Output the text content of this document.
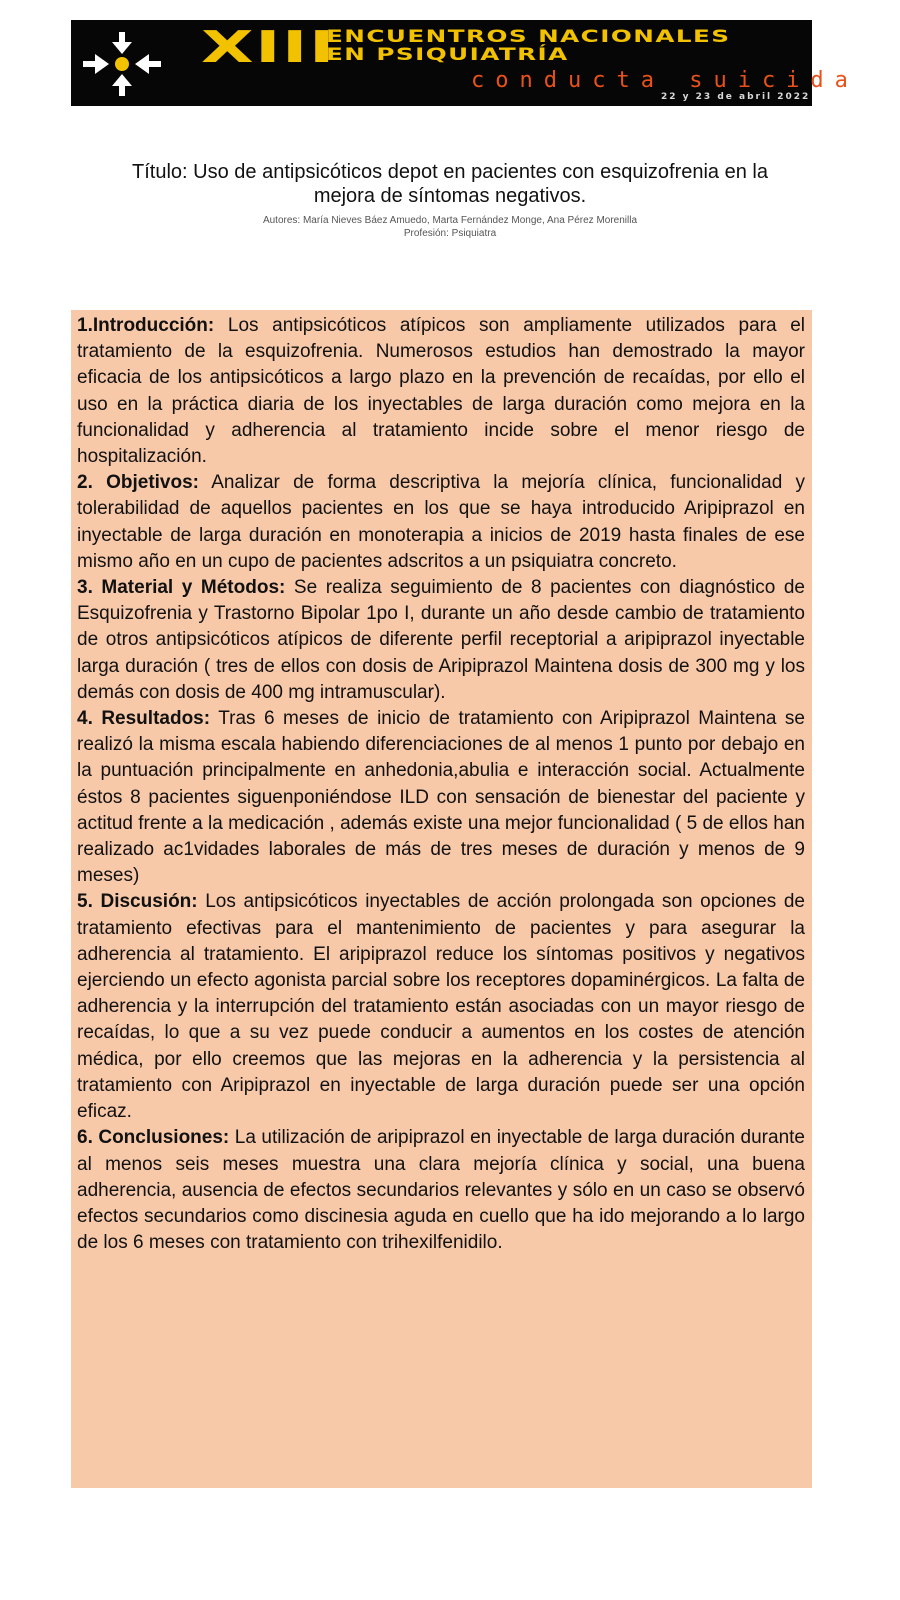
XIII
ENCUENTROS NACIONALES
EN PSIQUIATRÍA
conducta suicida
22 y 23 de abril 2022
Título: Uso de antipsicóticos depot en pacientes con esquizofrenia en la mejora de síntomas negativos.
Autores: María Nieves Báez Amuedo, Marta Fernández Monge, Ana Pérez Morenilla
Profesión: Psiquiatra

1.Introducción: Los antipsicóticos atípicos son ampliamente utilizados para el tratamiento de la esquizofrenia. Numerosos estudios han demostrado la mayor eficacia de los antipsicóticos a largo plazo en la prevención de recaídas, por ello el uso en la práctica diaria de los inyectables de larga duración como mejora en la funcionalidad y adherencia al tratamiento incide sobre el menor riesgo de hospitalización.

2. Objetivos: Analizar de forma descriptiva la mejoría clínica, funcionalidad y tolerabilidad de aquellos pacientes en los que se haya introducido Aripiprazol en inyectable de larga duración en monoterapia a inicios de 2019 hasta finales de ese mismo año en un cupo de pacientes adscritos a un psiquiatra concreto.

3. Material y Métodos: Se realiza seguimiento de 8 pacientes con diagnóstico de Esquizofrenia y Trastorno Bipolar 1po I, durante un año desde cambio de tratamiento de otros antipsicóticos atípicos de diferente perfil receptorial a aripiprazol inyectable larga duración ( tres de ellos con dosis de Aripiprazol Maintena dosis de 300 mg y los demás con dosis de 400 mg intramuscular).

4. Resultados: Tras 6 meses de inicio de tratamiento con Aripiprazol Maintena se realizó la misma escala habiendo diferenciaciones de al menos 1 punto por debajo en la puntuación principalmente en anhedonia,abulia e interacción social. Actualmente éstos 8 pacientes siguenponiéndose ILD con sensación de bienestar del paciente y actitud frente a la medicación , además existe una mejor funcionalidad ( 5 de ellos han realizado ac1vidades laborales de más de tres meses de duración y menos de 9 meses)

5. Discusión: Los antipsicóticos inyectables de acción prolongada son opciones de tratamiento efectivas para el mantenimiento de pacientes y para asegurar la adherencia al tratamiento. El aripiprazol reduce los síntomas positivos y negativos ejerciendo un efecto agonista parcial sobre los receptores dopaminérgicos. La falta de adherencia y la interrupción del tratamiento están asociadas con un mayor riesgo de recaídas, lo que a su vez puede conducir a aumentos en los costes de atención médica, por ello creemos que las mejoras en la adherencia y la persistencia al tratamiento con Aripiprazol en inyectable de larga duración puede ser una opción eficaz.

6. Conclusiones: La utilización de aripiprazol en inyectable de larga duración durante al menos seis meses muestra una clara mejoría clínica y social, una buena adherencia, ausencia de efectos secundarios relevantes y sólo en un caso se observó efectos secundarios como discinesia aguda en cuello que ha ido mejorando a lo largo de los 6 meses con tratamiento con trihexilfenidilo.
